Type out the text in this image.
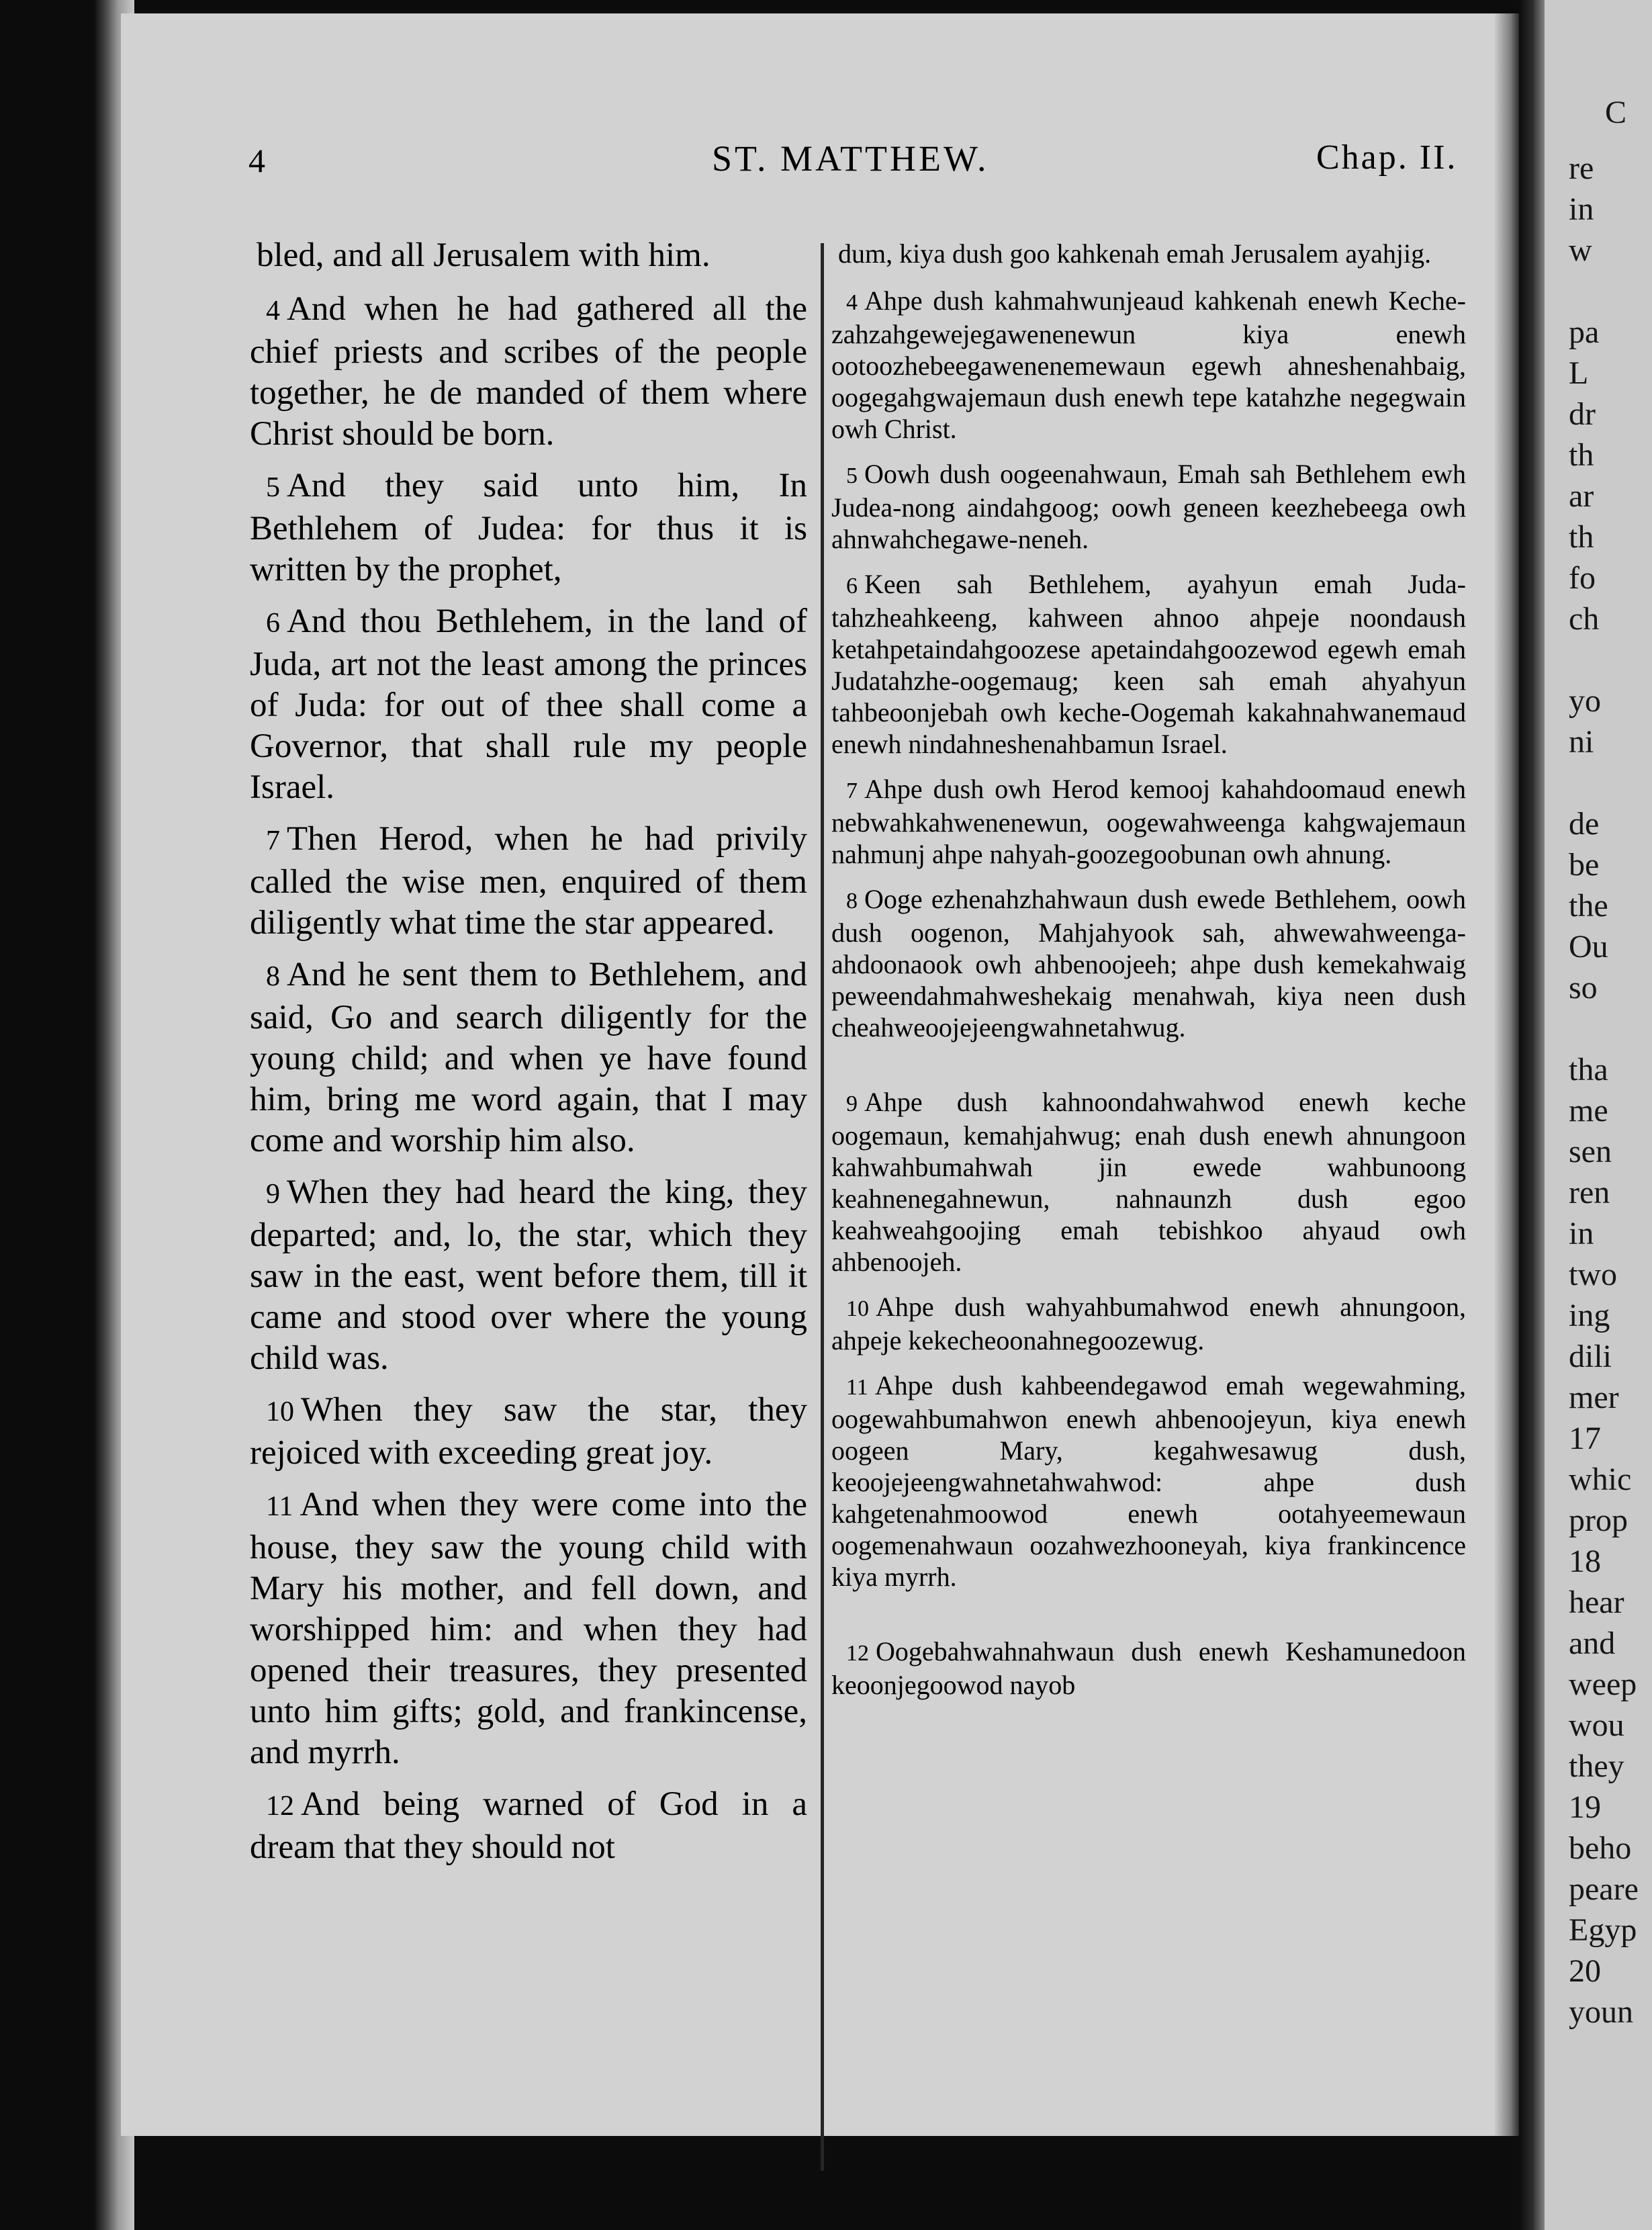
4	ST. MATTHEW.	Chap. II.

bled, and all Jerusalem with him.

4 And when he had gathered all the chief priests and scribes of the people together, he de manded of them where Christ should be born.

5 And they said unto him, In Bethlehem of Judea: for thus it is written by the prophet,

6 And thou Bethlehem, in the land of Juda, art not the least among the princes of Juda: for out of thee shall come a Governor, that shall rule my people Israel.

7 Then Herod, when he had privily called the wise men, enquired of them diligently what time the star appeared.

8 And he sent them to Bethlehem, and said, Go and search diligently for the young child; and when ye have found him, bring me word again, that I may come and worship him also.

9 When they had heard the king, they departed; and, lo, the star, which they saw in the east, went before them, till it came and stood over where the young child was.

10 When they saw the star, they rejoiced with exceeding great joy.

11 And when they were come into the house, they saw the young child with Mary his mother, and fell down, and worshipped him: and when they had opened their treasures, they presented unto him gifts; gold, and frankincense, and myrrh.

12 And being warned of God in a dream that they should not

dum, kiya dush goo kahkenah emah Jerusalem ayahjig.

4 Ahpe dush kahmahwunjeaud kahkenah enewh Keche-zahzahgewejegawenenewun kiya enewh ootoozhebeegawenenemewaun egewh ahneshenahbaig, oogegahgwajemaun dush enewh tepe katahzhe negegwain owh Christ.

5 Oowh dush oogeenahwaun, Emah sah Bethlehem ewh Judea-nong aindahgoog; oowh geneen keezhebeega owh ahnwahchegawe-neneh.

6 Keen sah Bethlehem, ayahyun emah Juda-tahzheahkeeng, kahween ahnoo ahpeje noondaush ketahpetaindahgoozese apetaindahgoozewod egewh emah Judatahzhe-oogemaug; keen sah emah ahyahyun tahbeoonjebah owh keche-Oogemah kakahnahwanemaud enewh nindahneshenahbamun Israel.

7 Ahpe dush owh Herod kemooj kahahdoomaud enewh nebwahkahwenenewun, oogewahweenga kahgwajemaun nahmunj ahpe nahyah-goozegoobunan owh ahnung.

8 Ooge ezhenahzhahwaun dush ewede Bethlehem, oowh dush oogenon, Mahjahyook sah, ahwewahweenga-ahdoonaook owh ahbenoojeeh; ahpe dush kemekahwaig peweendahmahweshekaig menahwah, kiya neen dush cheahweoojejeengwahnetahwug.

9 Ahpe dush kahnoondahwahwod enewh keche oogemaun, kemahjahwug; enah dush enewh ahnungoon kahwahbumahwah jin ewede wahbunoong keahnenegahnewun, nahnaunzh dush egoo keahweahgoojing emah tebishkoo ahyaud owh ahbenoojeh.

10 Ahpe dush wahyahbumahwod enewh ahnungoon, ahpeje kekecheoonahnegoozewug.

11 Ahpe dush kahbeendegawod emah wegewahming, oogewahbumahwon enewh ahbenoojeyun, kiya enewh oogeen Mary, kegahwesawug dush, keoojejeengwahnetahwahwod: ahpe dush kahgetenahmoowod enewh ootahyeemewaun oogemenahwaun oozahwezhooneyah, kiya frankincence kiya myrrh.

12 Oogebahwahnahwaun dush enewh Keshamunedoon keoonjegoowod nayob

re
in
w
pa
L
dr
th
ar
th
fo
ch
yo
ni
de
be
the
Ou
so
tha
me
sen
ren
in
two
ing
dili
mer
17
whic
prop
18
hear
and
weep
wou
they
19
beho
peare
Egyp
20
youn
C
